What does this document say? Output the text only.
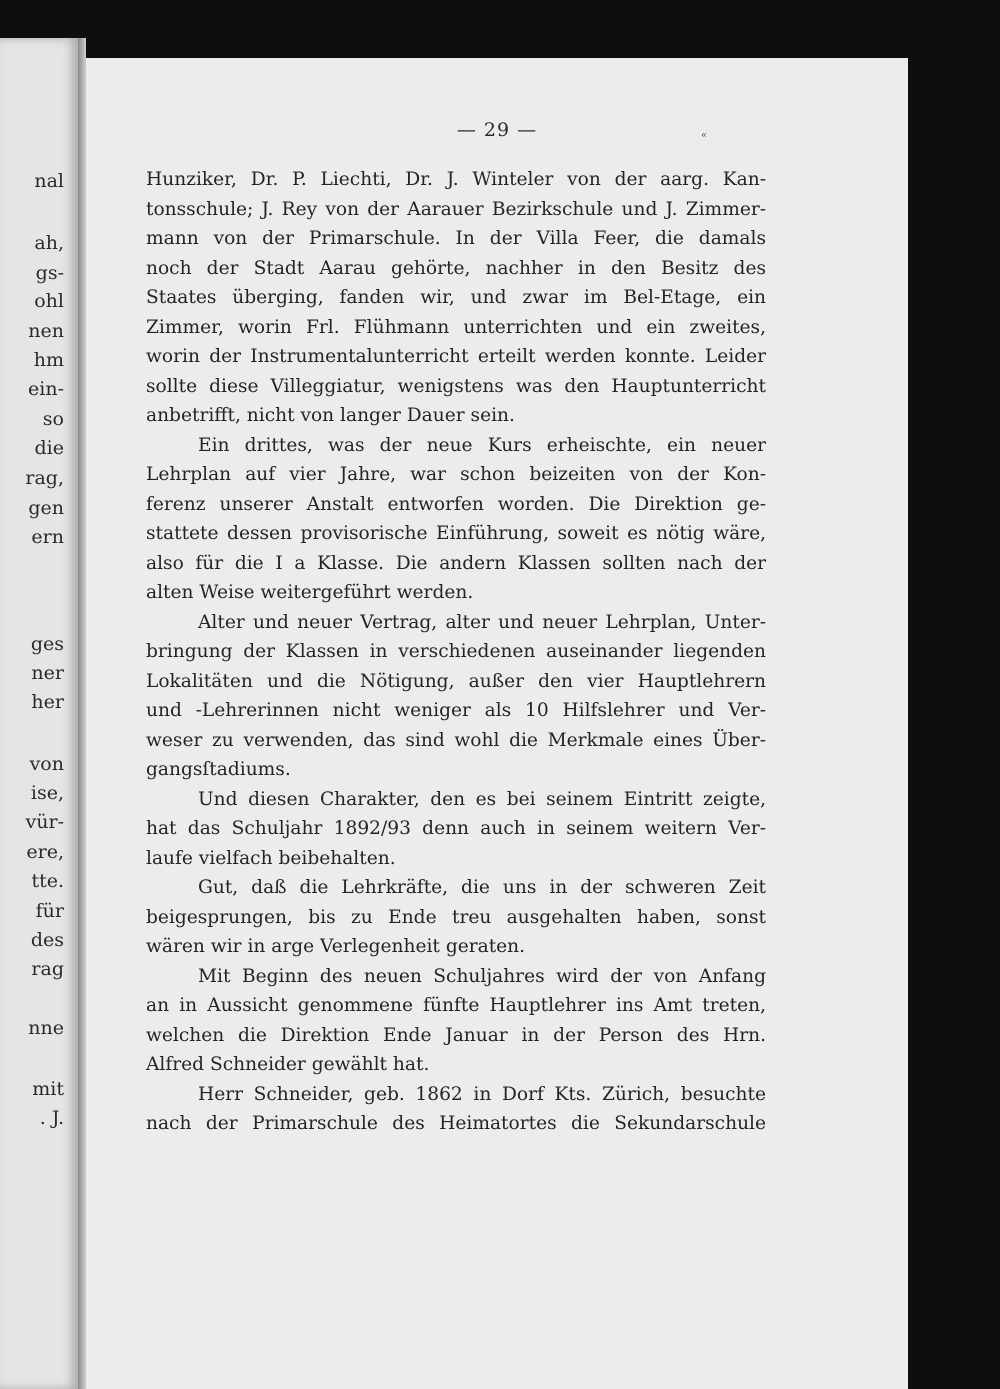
nal
ah,
gs-
ohl
nen
hm
ein-
so
die
rag,
gen
ern
ges
ner
her
von
ise,
vür-
ere,
tte.
für
des
rag
nne
mit
. J.
— 29 —	«
Hunziker, Dr. P. Liechti, Dr. J. Winteler von der aarg. Kan-
tonsschule; J. Rey von der Aarauer Bezirkschule und J. Zimmer-
mann von der Primarschule. In der Villa Feer, die damals
noch der Stadt Aarau gehörte, nachher in den Besitz des
Staates überging, fanden wir, und zwar im Bel-Etage, ein
Zimmer, worin Frl. Flühmann unterrichten und ein zweites,
worin der Instrumentalunterricht erteilt werden konnte. Leider
sollte diese Villeggiatur, wenigstens was den Hauptunterricht
anbetrifft, nicht von langer Dauer sein.
Ein drittes, was der neue Kurs erheischte, ein neuer
Lehrplan auf vier Jahre, war schon beizeiten von der Kon-
ferenz unserer Anstalt entworfen worden. Die Direktion ge-
stattete dessen provisorische Einführung, soweit es nötig wäre,
also für die I a Klasse. Die andern Klassen sollten nach der
alten Weise weitergeführt werden.
Alter und neuer Vertrag, alter und neuer Lehrplan, Unter-
bringung der Klassen in verschiedenen auseinander liegenden
Lokalitäten und die Nötigung, außer den vier Hauptlehrern
und -Lehrerinnen nicht weniger als 10 Hilfslehrer und Ver-
weser zu verwenden, das sind wohl die Merkmale eines Über-
gangsſtadiums.
Und diesen Charakter, den es bei seinem Eintritt zeigte,
hat das Schuljahr 1892/93 denn auch in seinem weitern Ver-
laufe vielfach beibehalten.
Gut, daß die Lehrkräfte, die uns in der schweren Zeit
beigesprungen, bis zu Ende treu ausgehalten haben, sonst
wären wir in arge Verlegenheit geraten.
Mit Beginn des neuen Schuljahres wird der von Anfang
an in Aussicht genommene fünfte Hauptlehrer ins Amt treten,
welchen die Direktion Ende Januar in der Person des Hrn.
Alfred Schneider gewählt hat.
Herr Schneider, geb. 1862 in Dorf Kts. Zürich, besuchte
nach der Primarschule des Heimatortes die Sekundarschule
